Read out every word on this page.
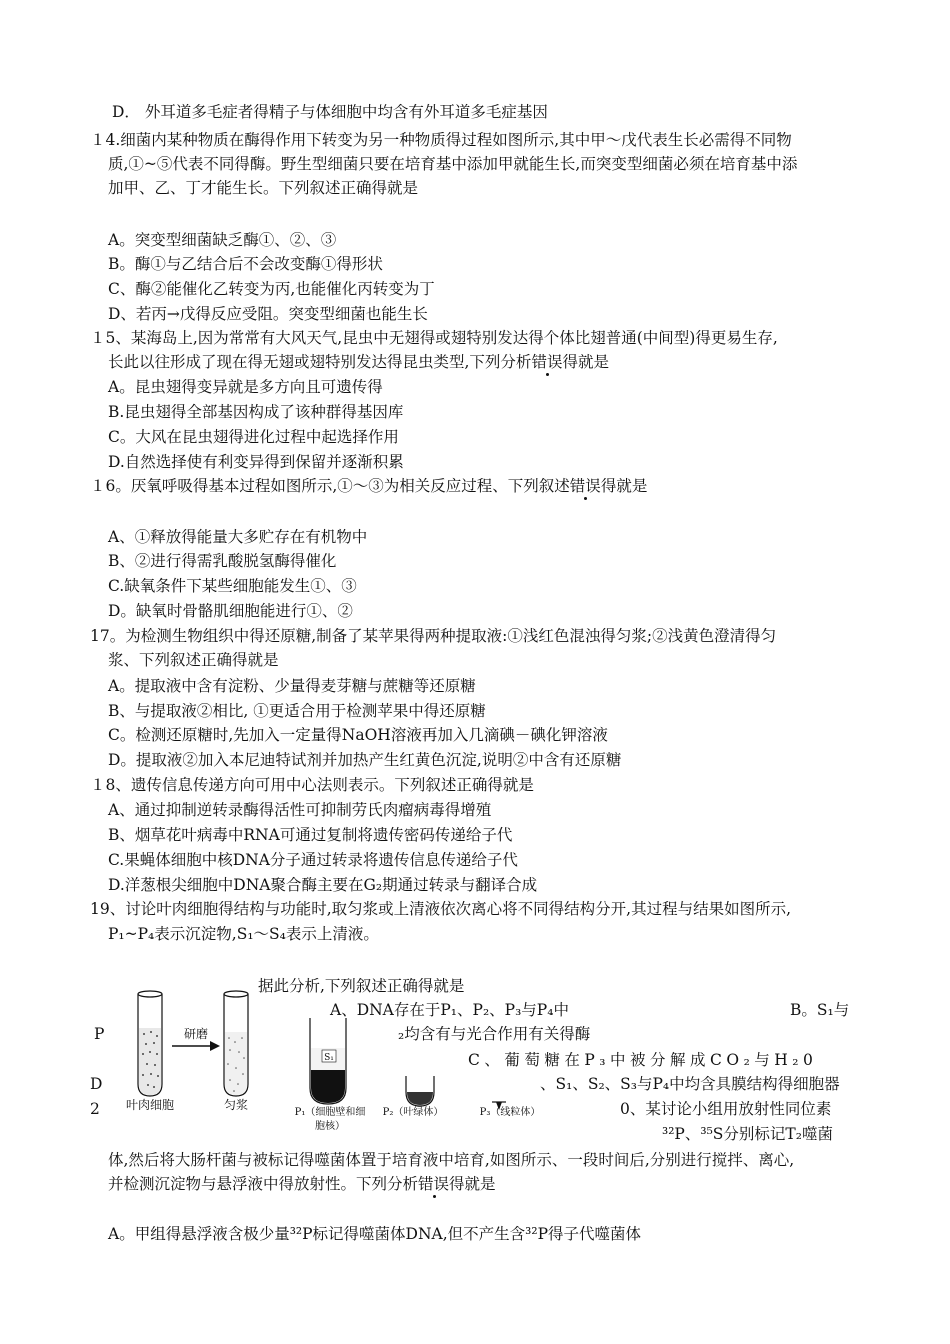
D． 外耳道多毛症者得精子与体细胞中均含有外耳道多毛症基因
１4.细菌内某种物质在酶得作用下转变为另一种物质得过程如图所示,其中甲～戊代表生长必需得不同物
质,①~⑤代表不同得酶。野生型细菌只要在培育基中添加甲就能生长,而突变型细菌必须在培育基中添
加甲、乙、丁才能生长。下列叙述正确得就是
A。突变型细菌缺乏酶①、②、③
B。酶①与乙结合后不会改变酶①得形状
C、酶②能催化乙转变为丙,也能催化丙转变为丁
D、若丙→戊得反应受阻。突变型细菌也能生长
１5、某海岛上,因为常常有大风天气,昆虫中无翅得或翅特别发达得个体比翅普通(中间型)得更易生存,
长此以往形成了现在得无翅或翅特别发达得昆虫类型,下列分析错误得就是
A。昆虫翅得变异就是多方向且可遗传得
B.昆虫翅得全部基因构成了该种群得基因库
C。大风在昆虫翅得进化过程中起选择作用
D.自然选择使有利变异得到保留并逐渐积累
１6。厌氧呼吸得基本过程如图所示,①～③为相关反应过程、下列叙述错误得就是
A、①释放得能量大多贮存在有机物中
B、②进行得需乳酸脱氢酶得催化
C.缺氧条件下某些细胞能发生①、③
D。缺氧时骨骼肌细胞能进行①、②
17。为检测生物组织中得还原糖,制备了某苹果得两种提取液:①浅红色混浊得匀浆;②浅黄色澄清得匀
浆、下列叙述正确得就是
A。提取液中含有淀粉、少量得麦芽糖与蔗糖等还原糖
B、与提取液②相比, ①更适合用于检测苹果中得还原糖
C。检测还原糖时,先加入一定量得NaOH溶液再加入几滴碘－碘化钾溶液
D。提取液②加入本尼迪特试剂并加热产生红黄色沉淀,说明②中含有还原糖
１8、遗传信息传递方向可用中心法则表示。下列叙述正确得就是
A、通过抑制逆转录酶得活性可抑制劳氏肉瘤病毒得增殖
B、烟草花叶病毒中RNA可通过复制将遗传密码传递给子代
C.果蝇体细胞中核DNA分子通过转录将遗传信息传递给子代
D.洋葱根尖细胞中DNA聚合酶主要在G₂期通过转录与翻译合成
19、讨论叶肉细胞得结构与功能时,取匀浆或上清液依次离心将不同得结构分开,其过程与结果如图所示,
P₁~P₄表示沉淀物,S₁～S₄表示上清液。
P
D
2
研磨
S₁
叶肉细胞	匀浆
P₁（细胞壁和细胞核）
P₂（叶绿体）	P₃（线粒体）
据此分析,下列叙述正确得就是
A、DNA存在于P₁、P₂、P₃与P₄中	B。S₁与
₂均含有与光合作用有关得酶
C、葡萄糖在P₃中被分解成CO₂与H₂0
、S₁、S₂、S₃与P₄中均含具膜结构得细胞器
0、某讨论小组用放射性同位素
³²P、³⁵S分别标记T₂噬菌
体,然后将大肠杆菌与被标记得噬菌体置于培育液中培育,如图所示、一段时间后,分别进行搅拌、离心,
并检测沉淀物与悬浮液中得放射性。下列分析错误得就是
A。甲组得悬浮液含极少量³²P标记得噬菌体DNA,但不产生含³²P得子代噬菌体
